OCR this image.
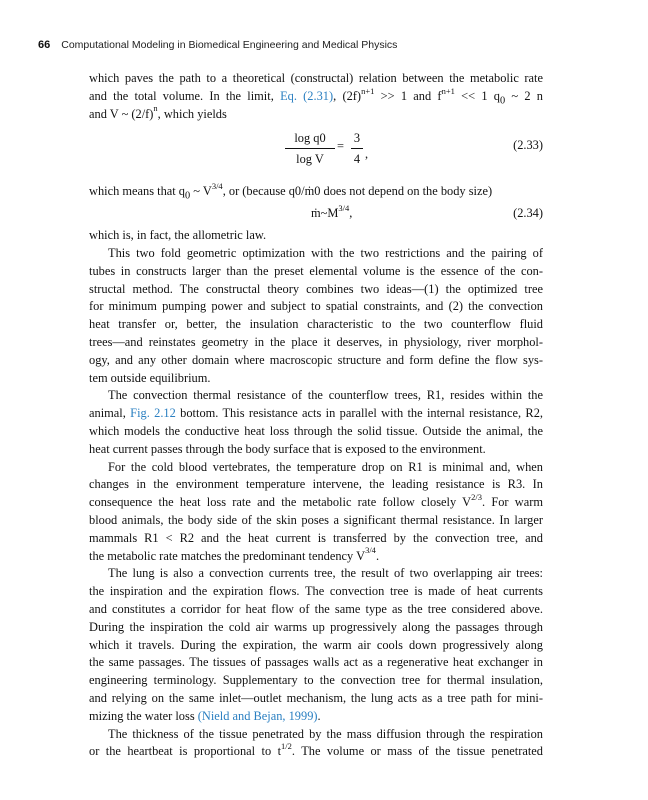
66 Computational Modeling in Biomedical Engineering and Medical Physics
which paves the path to a theoretical (constructal) relation between the metabolic rate
and the total volume. In the limit, Eq. (2.31), $(2f)^{n+1} >> 1$ and $f^{n+1} << 1$ $q_0$ ~ 2 n
and V ~ $(2/f)^n$, which yields
log q0
log V
=
3
4 ,
(2.33)
which means that $q_0$ ~ $V^{3/4}$, or (because q0/ṁ0 does not depend on the body size)
$ṁ\sim M^{3/4}$,	(2.34)
which is, in fact, the allometric law.
This two fold geometric optimization with the two restrictions and the pairing of
tubes in constructs larger than the preset elemental volume is the essence of the con-
structal method. The constructal theory combines two ideas—(1) the optimized tree
for minimum pumping power and subject to spatial constraints, and (2) the convection
heat transfer or, better, the insulation characteristic to the two counterflow fluid
trees—and reinstates geometry in the place it deserves, in physiology, river morphol-
ogy, and any other domain where macroscopic structure and form define the flow sys-
tem outside equilibrium.
The convection thermal resistance of the counterflow trees, R1, resides within the
animal, Fig. 2.12 bottom. This resistance acts in parallel with the internal resistance, R2,
which models the conductive heat loss through the solid tissue. Outside the animal, the
heat current passes through the body surface that is exposed to the environment.
For the cold blood vertebrates, the temperature drop on R1 is minimal and, when
changes in the environment temperature intervene, the leading resistance is R3. In
consequence the heat loss rate and the metabolic rate follow closely $V^{2/3}$. For warm
blood animals, the body side of the skin poses a significant thermal resistance. In larger
mammals R1 < R2 and the heat current is transferred by the convection tree, and
the metabolic rate matches the predominant tendency $V^{3/4}$.
The lung is also a convection currents tree, the result of two overlapping air trees:
the inspiration and the expiration flows. The convection tree is made of heat currents
and constitutes a corridor for heat flow of the same type as the tree considered above.
During the inspiration the cold air warms up progressively along the passages through
which it travels. During the expiration, the warm air cools down progressively along
the same passages. The tissues of passages walls act as a regenerative heat exchanger in
engineering terminology. Supplementary to the convection tree for thermal insulation,
and relying on the same inlet—outlet mechanism, the lung acts as a tree path for mini-
mizing the water loss (Nield and Bejan, 1999).
The thickness of the tissue penetrated by the mass diffusion through the respiration
or the heartbeat is proportional to $t^{1/2}$. The volume or mass of the tissue penetrated
